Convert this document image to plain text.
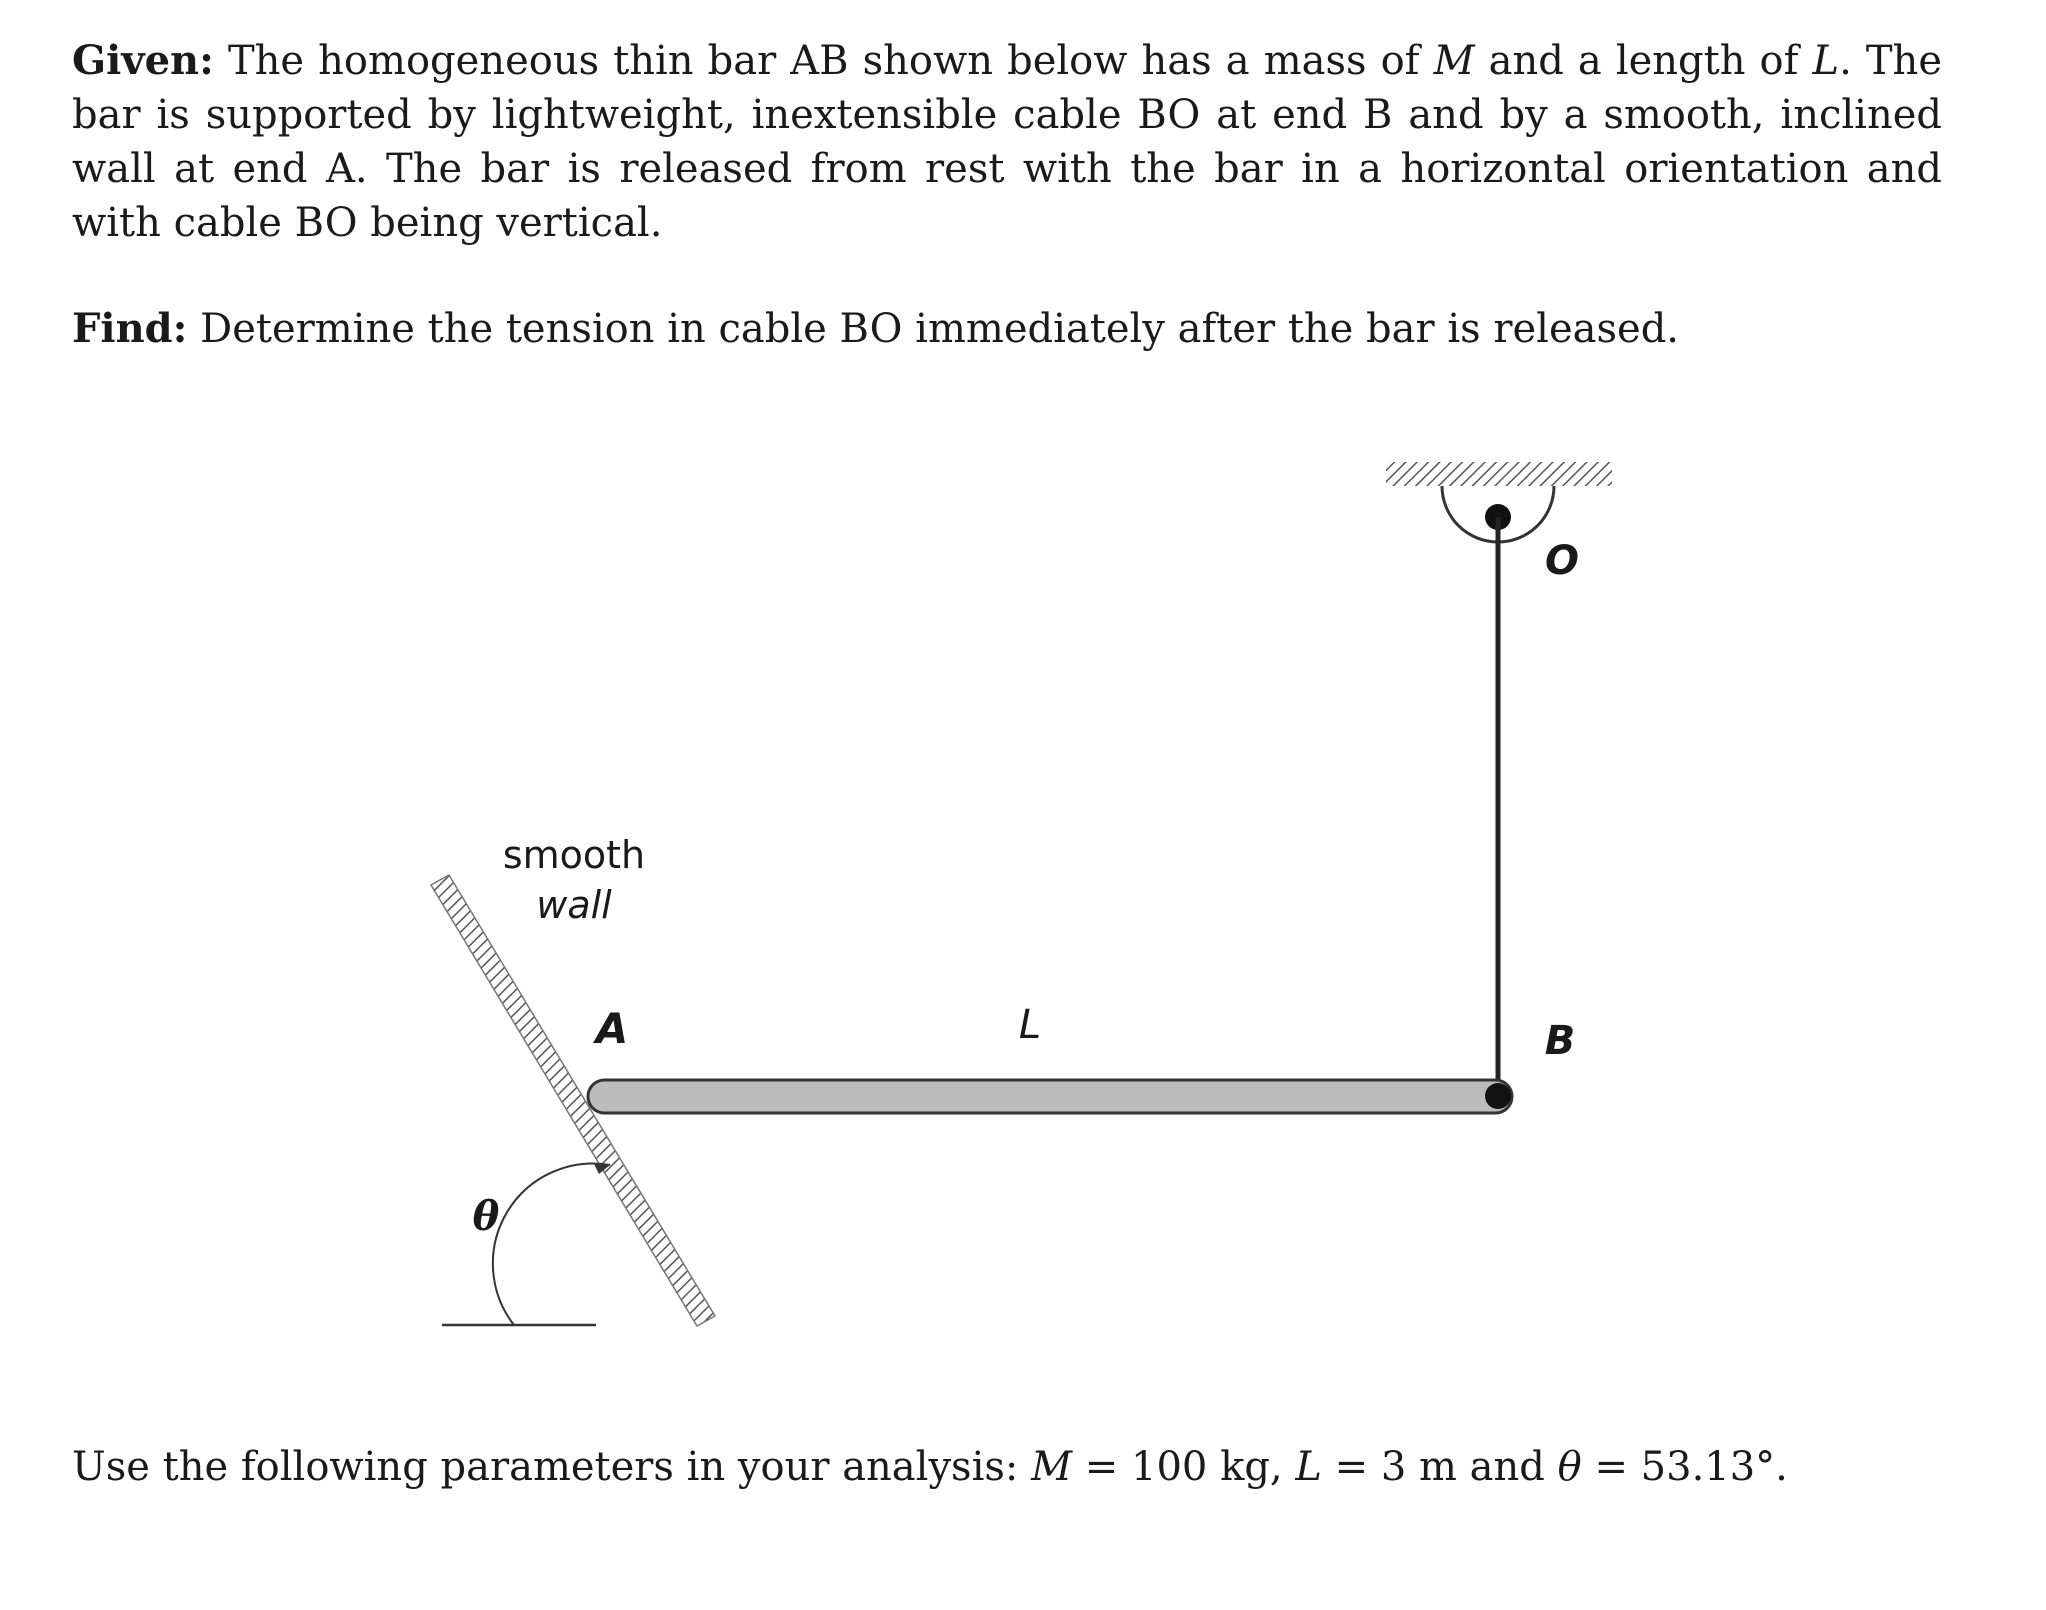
Given: The homogeneous thin bar AB shown below has a mass of M and a length of L. The bar is supported by lightweight, inextensible cable BO at end B and by a smooth, inclined wall at end A. The bar is released from rest with the bar in a horizontal orientation and with cable BO being vertical.

Find: Determine the tension in cable BO immediately after the bar is released.

smooth
wall
A	L	B
O
θ

Use the following parameters in your analysis: M = 100 kg, L = 3 m and θ = 53.13°.
